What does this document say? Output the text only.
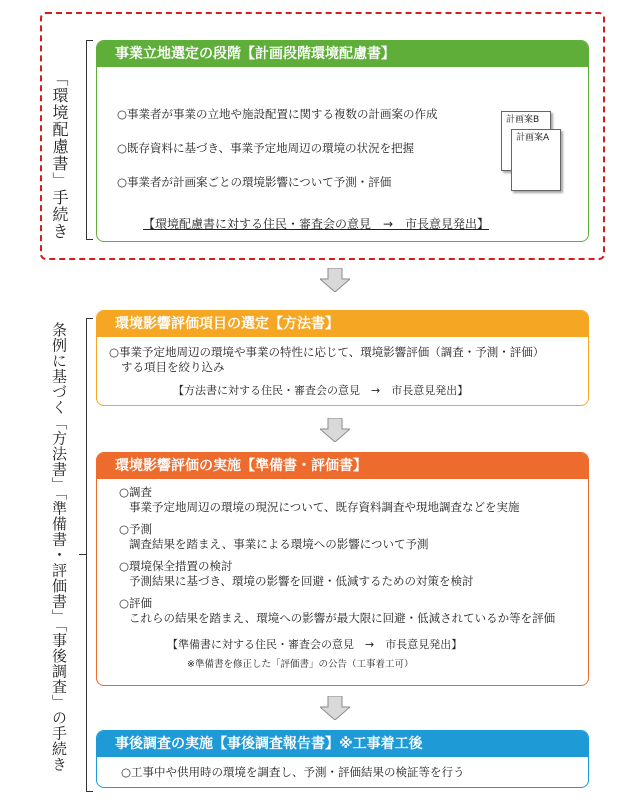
「環境配慮書」手続き
条例に基づく「方法書」「準備書・評価書」「事後調査」の手続き
事業立地選定の段階【計画段階環境配慮書】
○事業者が事業の立地や施設配置に関する複数の計画案の作成
○既存資料に基づき、事業予定地周辺の環境の状況を把握
○事業者が計画案ごとの環境影響について予測・評価
【環境配慮書に対する住民・審査会の意見　→　市長意見発出】
計画案B
計画案A
環境影響評価項目の選定【方法書】
○事業予定地周辺の環境や事業の特性に応じて、環境影響評価（調査・予測・評価）
する項目を絞り込み
【方法書に対する住民・審査会の意見　→　市長意見発出】
環境影響評価の実施【準備書・評価書】
○調査
事業予定地周辺の環境の現況について、既存資料調査や現地調査などを実施
○予測
調査結果を踏まえ、事業による環境への影響について予測
○環境保全措置の検討
予測結果に基づき、環境の影響を回避・低減するための対策を検討
○評価
これらの結果を踏まえ、環境への影響が最大限に回避・低減されているか等を評価
【準備書に対する住民・審査会の意見　→　市長意見発出】
※準備書を修正した「評価書」の公告（工事着工可）
事後調査の実施【事後調査報告書】※工事着工後
○工事中や供用時の環境を調査し、予測・評価結果の検証等を行う
